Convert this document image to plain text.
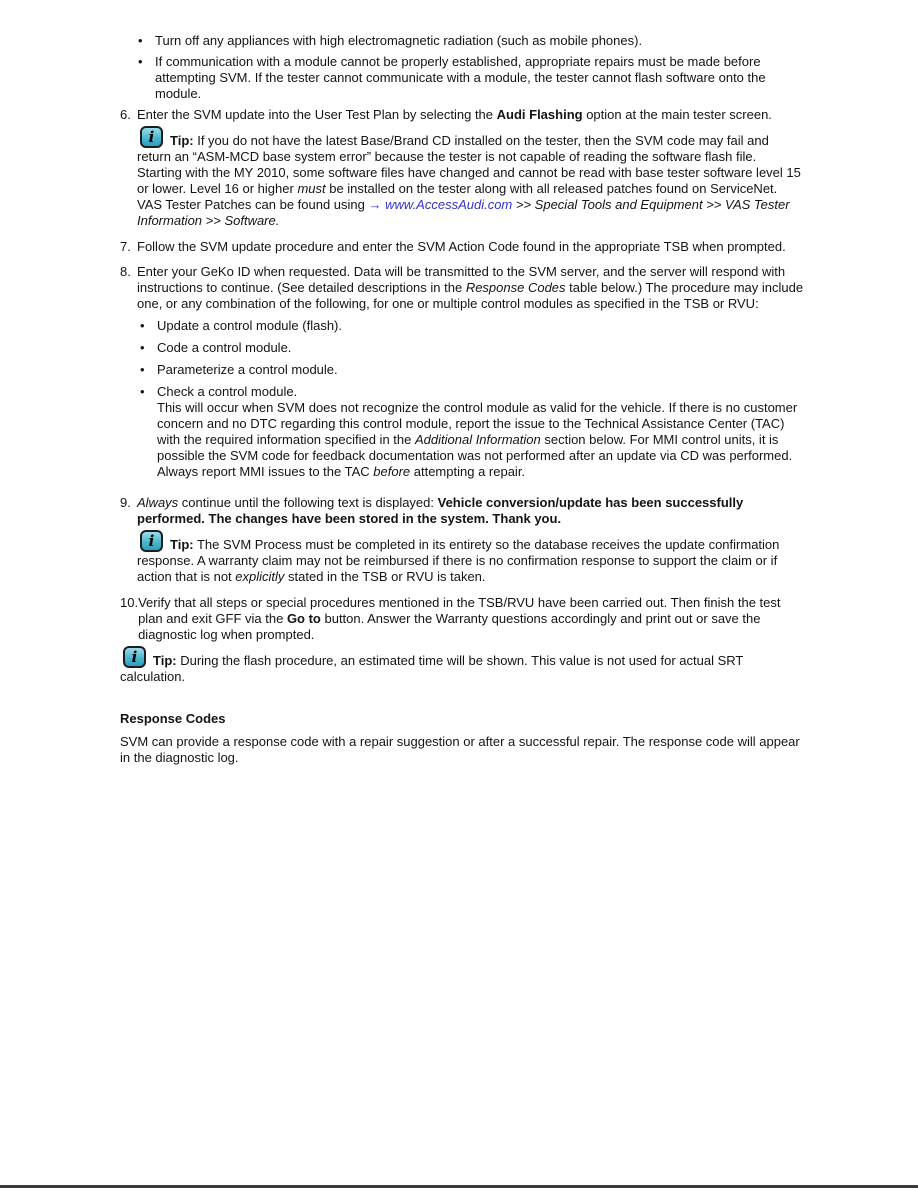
• Turn off any appliances with high electromagnetic radiation (such as mobile phones).
• If communication with a module cannot be properly established, appropriate repairs must be made before attempting SVM. If the tester cannot communicate with a module, the tester cannot flash software onto the module.
6. Enter the SVM update into the User Test Plan by selecting the Audi Flashing option at the main tester screen.
i	Tip: If you do not have the latest Base/Brand CD installed on the tester, then the SVM code may fail and return an “ASM-MCD base system error” because the tester is not capable of reading the software flash file. Starting with the MY 2010, some software files have changed and cannot be read with base tester software level 15 or lower. Level 16 or higher must be installed on the tester along with all released patches found on ServiceNet.
VAS Tester Patches can be found using → www.AccessAudi.com >> Special Tools and Equipment >> VAS Tester Information >> Software.
7. Follow the SVM update procedure and enter the SVM Action Code found in the appropriate TSB when prompted.
8. Enter your GeKo ID when requested. Data will be transmitted to the SVM server, and the server will respond with instructions to continue. (See detailed descriptions in the Response Codes table below.) The procedure may include one, or any combination of the following, for one or multiple control modules as specified in the TSB or RVU:
• Update a control module (flash).
• Code a control module.
• Parameterize a control module.
• Check a control module.
This will occur when SVM does not recognize the control module as valid for the vehicle. If there is no customer concern and no DTC regarding this control module, report the issue to the Technical Assistance Center (TAC) with the required information specified in the Additional Information section below. For MMI control units, it is possible the SVM code for feedback documentation was not performed after an update via CD was performed. Always report MMI issues to the TAC before attempting a repair.
9. Always continue until the following text is displayed: Vehicle conversion/update has been successfully performed. The changes have been stored in the system. Thank you.
i	Tip: The SVM Process must be completed in its entirety so the database receives the update confirmation response. A warranty claim may not be reimbursed if there is no confirmation response to support the claim or if action that is not explicitly stated in the TSB or RVU is taken.
10. Verify that all steps or special procedures mentioned in the TSB/RVU have been carried out. Then finish the test plan and exit GFF via the Go to button. Answer the Warranty questions accordingly and print out or save the diagnostic log when prompted.
i	Tip: During the flash procedure, an estimated time will be shown. This value is not used for actual SRT calculation.
Response Codes
SVM can provide a response code with a repair suggestion or after a successful repair. The response code will appear in the diagnostic log.
